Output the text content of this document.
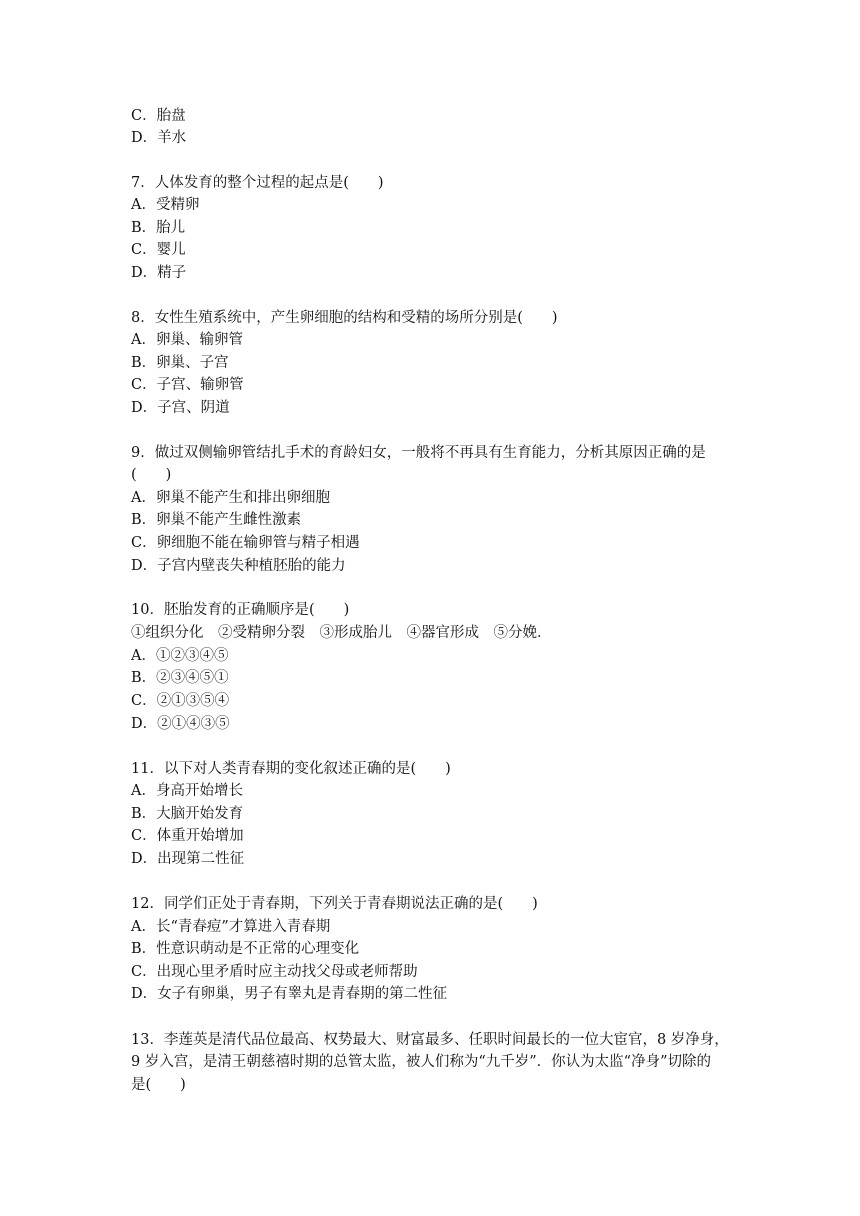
C．胎盘
D．羊水
7．人体发育的整个过程的起点是(　　)
A．受精卵
B．胎儿
C．婴儿
D．精子
8．女性生殖系统中，产生卵细胞的结构和受精的场所分别是(　　)
A．卵巢、输卵管
B．卵巢、子宫
C．子宫、输卵管
D．子宫、阴道
9．做过双侧输卵管结扎手术的育龄妇女，一般将不再具有生育能力，分析其原因正确的是
(　　)
A．卵巢不能产生和排出卵细胞
B．卵巢不能产生雌性激素
C．卵细胞不能在输卵管与精子相遇
D．子宫内壁丧失种植胚胎的能力
10．胚胎发育的正确顺序是(　　)
①组织分化　②受精卵分裂　③形成胎儿　④器官形成　⑤分娩．
A．①②③④⑤
B．②③④⑤①
C．②①③⑤④
D．②①④③⑤
11．以下对人类青春期的变化叙述正确的是(　　)
A．身高开始增长
B．大脑开始发育
C．体重开始增加
D．出现第二性征
12．同学们正处于青春期，下列关于青春期说法正确的是(　　)
A．长“青春痘”才算进入青春期
B．性意识萌动是不正常的心理变化
C．出现心里矛盾时应主动找父母或老师帮助
D．女子有卵巢，男子有睾丸是青春期的第二性征
13．李莲英是清代品位最高、权势最大、财富最多、任职时间最长的一位大宦官，8 岁净身，
9 岁入宫，是清王朝慈禧时期的总管太监，被人们称为“九千岁”．你认为太监“净身”切除的
是(　　)
